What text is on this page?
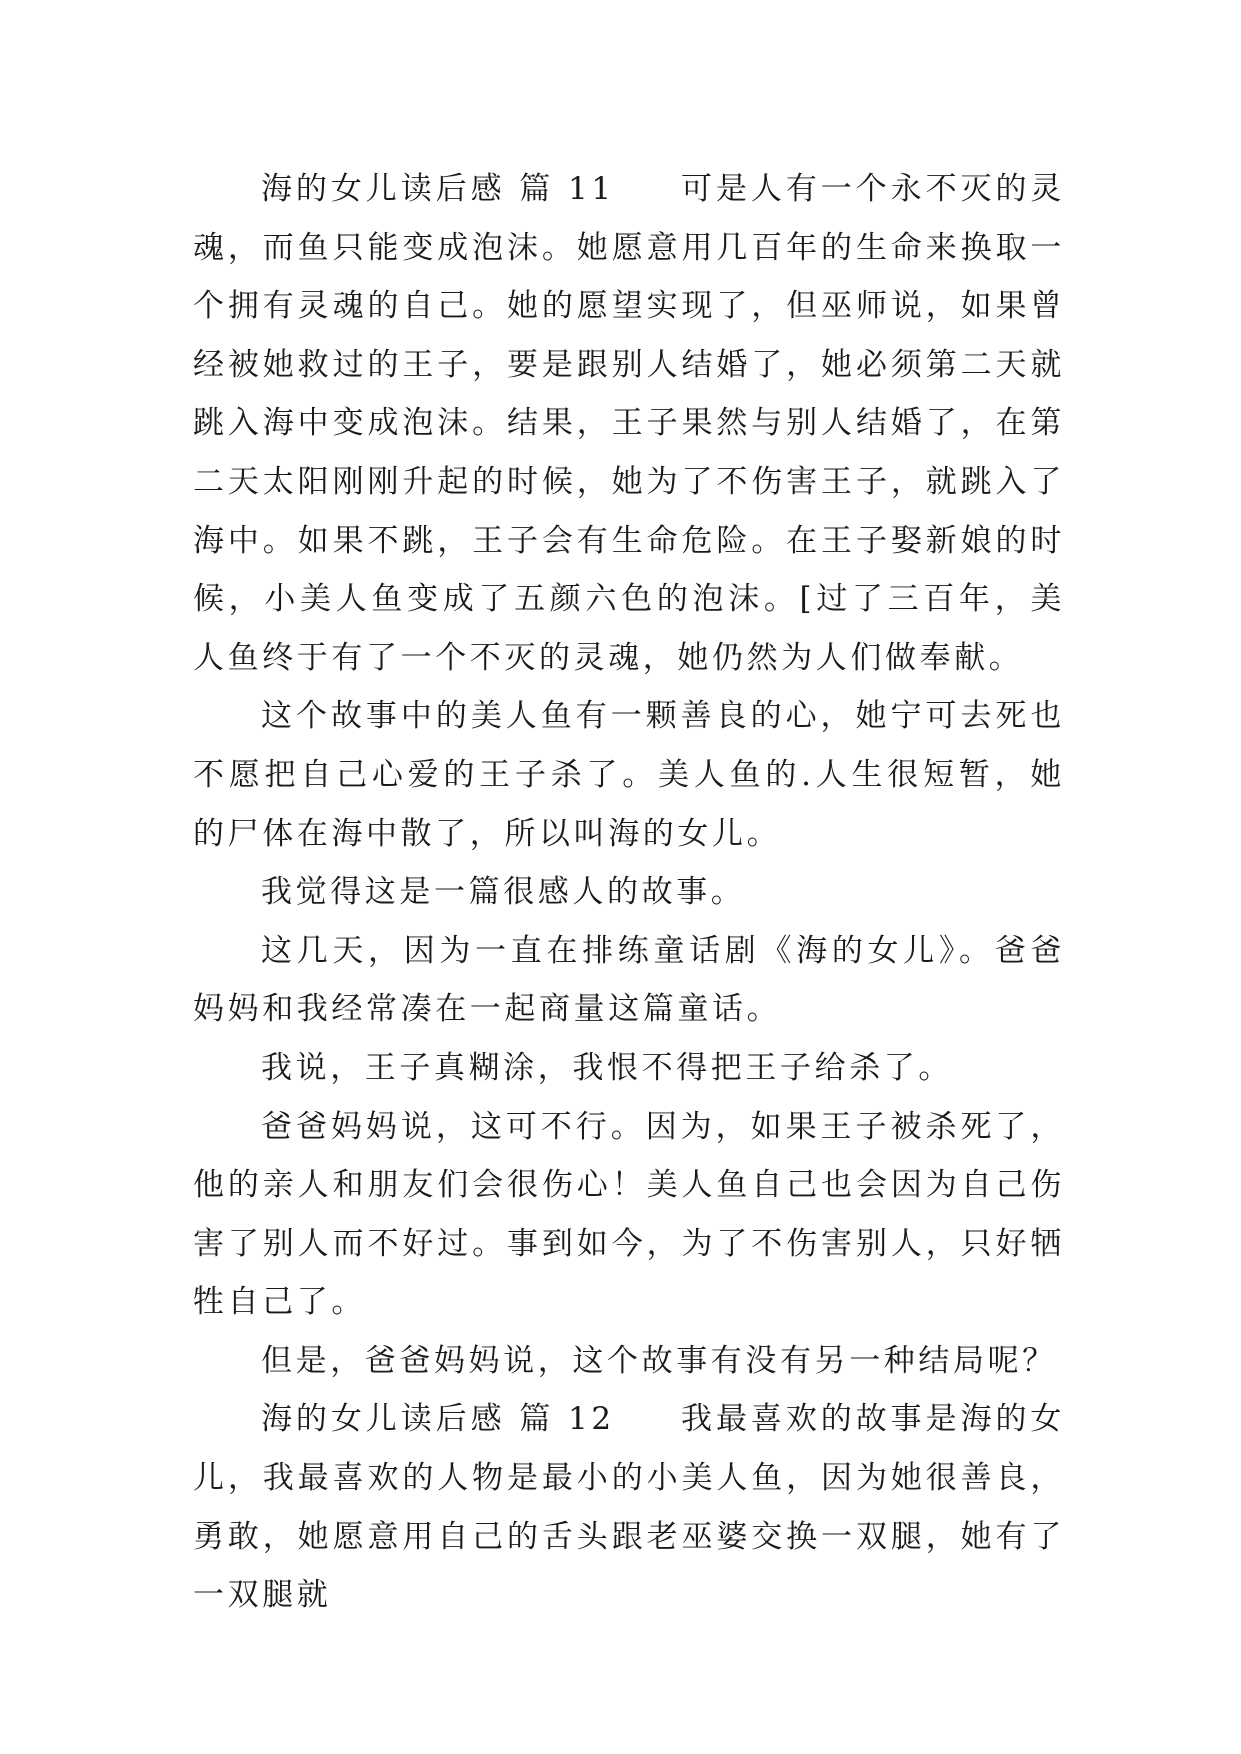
海的女儿读后感 篇 11 可是人有一个永不灭的灵魂，而鱼只能变成泡沫。她愿意用几百年的生命来换取一个拥有灵魂的自己。她的愿望实现了，但巫师说，如果曾经被她救过的王子，要是跟别人结婚了，她必须第二天就跳入海中变成泡沫。结果，王子果然与别人结婚了，在第二天太阳刚刚升起的时候，她为了不伤害王子，就跳入了海中。如果不跳，王子会有生命危险。在王子娶新娘的时候，小美人鱼变成了五颜六色的泡沫。[过了三百年，美人鱼终于有了一个不灭的灵魂，她仍然为人们做奉献。

这个故事中的美人鱼有一颗善良的心，她宁可去死也不愿把自己心爱的王子杀了。美人鱼的.人生很短暂，她的尸体在海中散了，所以叫海的女儿。

我觉得这是一篇很感人的故事。

这几天，因为一直在排练童话剧《海的女儿》。爸爸妈妈和我经常凑在一起商量这篇童话。

我说，王子真糊涂，我恨不得把王子给杀了。

爸爸妈妈说，这可不行。因为，如果王子被杀死了，他的亲人和朋友们会很伤心！美人鱼自己也会因为自己伤害了别人而不好过。事到如今，为了不伤害别人，只好牺牲自己了。

但是，爸爸妈妈说，这个故事有没有另一种结局呢？

海的女儿读后感 篇 12 我最喜欢的故事是海的女儿，我最喜欢的人物是最小的小美人鱼，因为她很善良，勇敢，她愿意用自己的舌头跟老巫婆交换一双腿，她有了一双腿就
